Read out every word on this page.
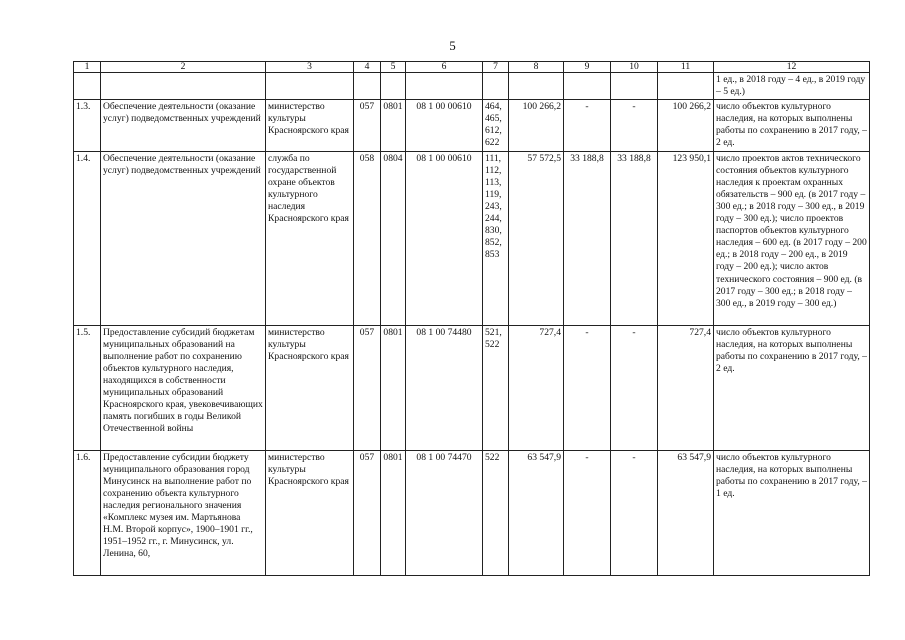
5
1	2	3	4	5	6	7	8	9	10	11	12
											1 ед., в 2018 году – 4 ед., в 2019 году – 5 ед.)
1.3.	Обеспечение деятельности (оказание услуг) подведомственных учреждений	министерство культуры Красноярского края	057	0801	08 1 00 00610	464, 465, 612, 622	100 266,2	-	-	100 266,2	число объектов культурного наследия, на которых выполнены работы по сохранению в 2017 году, – 2 ед.
1.4.	Обеспечение деятельности (оказание услуг) подведомственных учреждений	служба по государственной охране объектов культурного наследия Красноярского края	058	0804	08 1 00 00610	111, 112, 113, 119, 243, 244, 830, 852, 853	57 572,5	33 188,8	33 188,8	123 950,1	число проектов актов технического состояния объектов культурного наследия к проектам охранных обязательств – 900 ед. (в 2017 году – 300 ед.; в 2018 году – 300 ед., в 2019 году – 300 ед.); число проектов паспортов объектов культурного наследия – 600 ед. (в 2017 году – 200 ед.; в 2018 году – 200 ед., в 2019 году – 200 ед.); число актов технического состояния – 900 ед. (в 2017 году – 300 ед.; в 2018 году – 300 ед., в 2019 году – 300 ед.)
1.5.	Предоставление субсидий бюджетам муниципальных образований на выполнение работ по сохранению объектов культурного наследия, находящихся в собственности муниципальных образований Красноярского края, увековечивающих память погибших в годы Великой Отечественной войны	министерство культуры Красноярского края	057	0801	08 1 00 74480	521, 522	727,4	-	-	727,4	число объектов культурного наследия, на которых выполнены работы по сохранению в 2017 году, – 2 ед.
1.6.	Предоставление субсидии бюджету муниципального образования город Минусинск на выполнение работ по сохранению объекта культурного наследия регионального значения «Комплекс музея им. Мартьянова Н.М. Второй корпус», 1900–1901 гг., 1951–1952 гг., г. Минусинск, ул. Ленина, 60,	министерство культуры Красноярского края	057	0801	08 1 00 74470	522	63 547,9	-	-	63 547,9	число объектов культурного наследия, на которых выполнены работы по сохранению в 2017 году, – 1 ед.
